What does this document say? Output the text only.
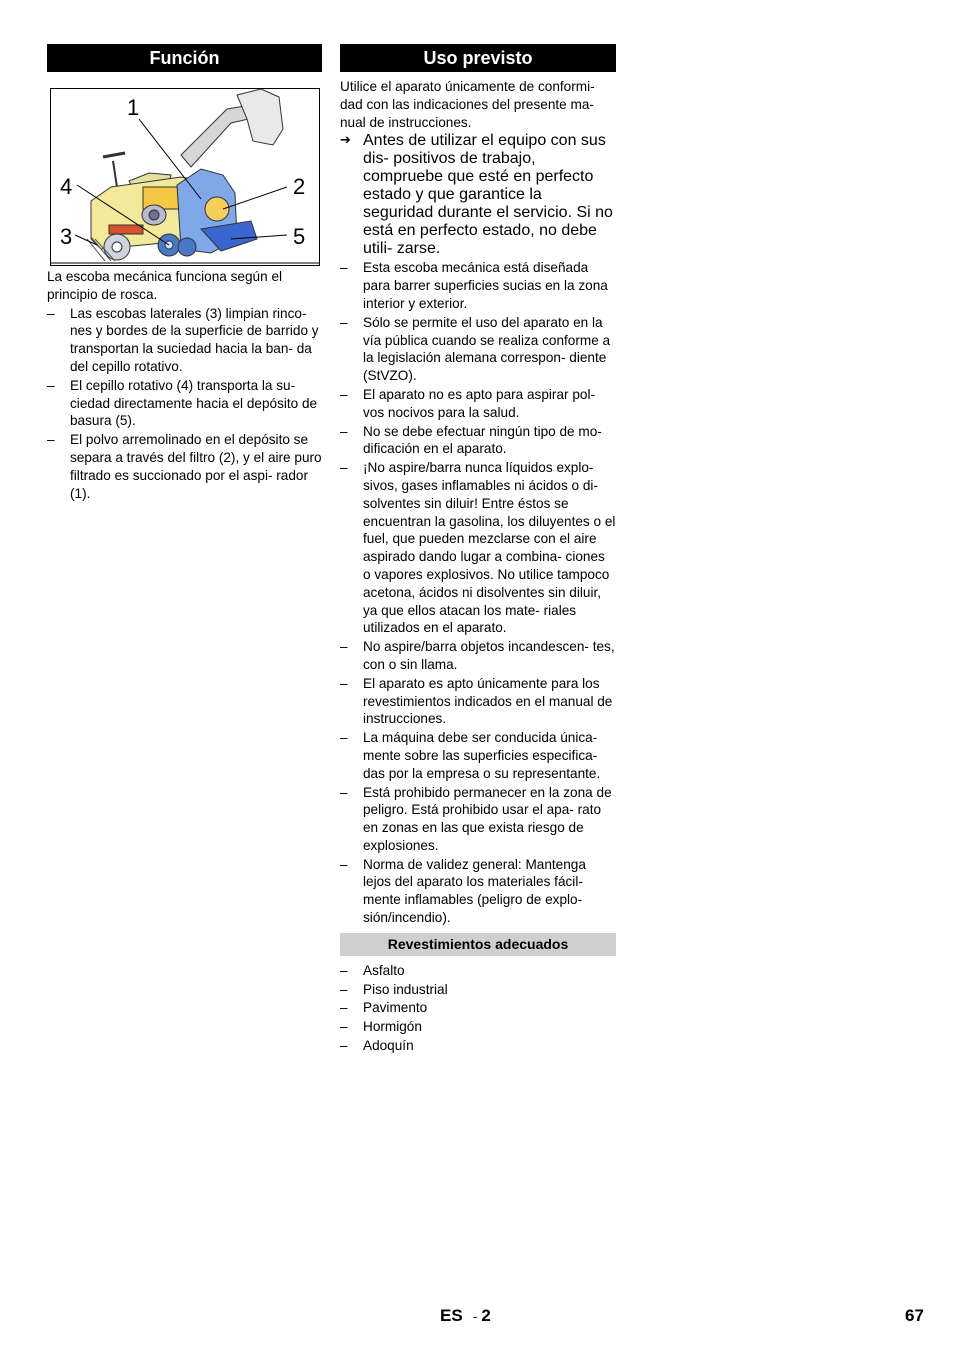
Función
1
2
3
4
5

La escoba mecánica funciona según el principio de rosca.

– Las escobas laterales (3) limpian rinco- nes y bordes de la superficie de barrido y transportan la suciedad hacia la ban- da del cepillo rotativo.
– El cepillo rotativo (4) transporta la su- ciedad directamente hacia el depósito de basura (5).
– El polvo arremolinado en el depósito se separa a través del filtro (2), y el aire puro filtrado es succionado por el aspi- rador (1).
Uso previsto

Utilice el aparato únicamente de conformi- dad con las indicaciones del presente ma- nual de instrucciones.

➔ Antes de utilizar el equipo con sus dis- positivos de trabajo, compruebe que esté en perfecto estado y que garantice la seguridad durante el servicio. Si no está en perfecto estado, no debe utili- zarse.
– Esta escoba mecánica está diseñada para barrer superficies sucias en la zona interior y exterior.
– Sólo se permite el uso del aparato en la vía pública cuando se realiza conforme a la legislación alemana correspon- diente (StVZO).
– El aparato no es apto para aspirar pol- vos nocivos para la salud.
– No se debe efectuar ningún tipo de mo- dificación en el aparato.
– ¡No aspire/barra nunca líquidos explo- sivos, gases inflamables ni ácidos o di- solventes sin diluir! Entre éstos se encuentran la gasolina, los diluyentes o el fuel, que pueden mezclarse con el aire aspirado dando lugar a combina- ciones o vapores explosivos. No utilice tampoco acetona, ácidos ni disolventes sin diluir, ya que ellos atacan los mate- riales utilizados en el aparato.
– No aspire/barra objetos incandescen- tes, con o sin llama.
– El aparato es apto únicamente para los revestimientos indicados en el manual de instrucciones.
– La máquina debe ser conducida única- mente sobre las superficies especifica- das por la empresa o su representante.
– Está prohibido permanecer en la zona de peligro. Está prohibido usar el apa- rato en zonas en las que exista riesgo de explosiones.
– Norma de validez general: Mantenga lejos del aparato los materiales fácil- mente inflamables (peligro de explo- sión/incendio).
Revestimientos adecuados
– Asfalto
– Piso industrial
– Pavimento
– Hormigón
– Adoquín
ES - 2	67
